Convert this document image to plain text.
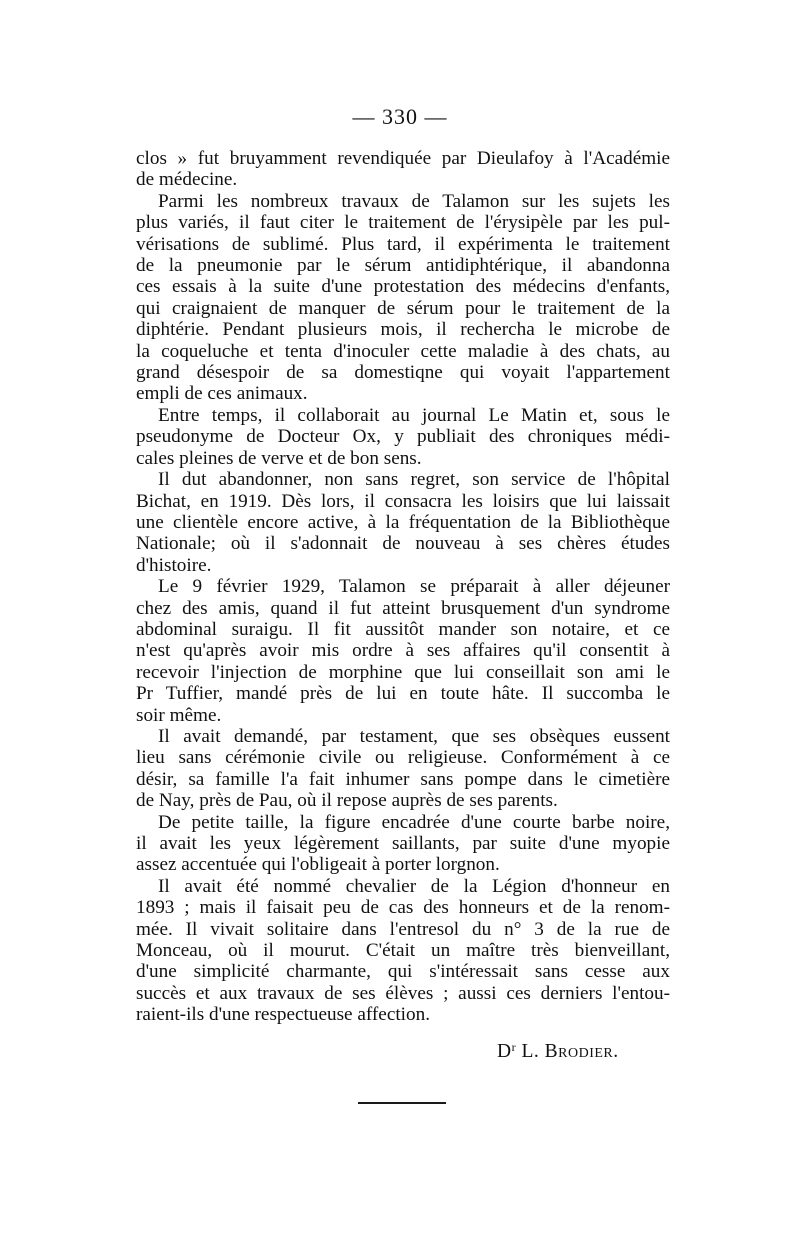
— 330 —
clos » fut bruyamment revendiquée par Dieulafoy à l'Académie
de médecine.
Parmi les nombreux travaux de Talamon sur les sujets les
plus variés, il faut citer le traitement de l'érysipèle par les pul-
vérisations de sublimé. Plus tard, il expérimenta le traitement
de la pneumonie par le sérum antidiphtérique, il abandonna
ces essais à la suite d'une protestation des médecins d'enfants,
qui craignaient de manquer de sérum pour le traitement de la
diphtérie. Pendant plusieurs mois, il rechercha le microbe de
la coqueluche et tenta d'inoculer cette maladie à des chats, au
grand désespoir de sa domestiqne qui voyait l'appartement
empli de ces animaux.
Entre temps, il collaborait au journal Le Matin et, sous le
pseudonyme de Docteur Ox, y publiait des chroniques médi-
cales pleines de verve et de bon sens.
Il dut abandonner, non sans regret, son service de l'hôpital
Bichat, en 1919. Dès lors, il consacra les loisirs que lui laissait
une clientèle encore active, à la fréquentation de la Bibliothèque
Nationale; où il s'adonnait de nouveau à ses chères études
d'histoire.
Le 9 février 1929, Talamon se préparait à aller déjeuner
chez des amis, quand il fut atteint brusquement d'un syndrome
abdominal suraigu. Il fit aussitôt mander son notaire, et ce
n'est qu'après avoir mis ordre à ses affaires qu'il consentit à
recevoir l'injection de morphine que lui conseillait son ami le
Pr Tuffier, mandé près de lui en toute hâte. Il succomba le
soir même.
Il avait demandé, par testament, que ses obsèques eussent
lieu sans cérémonie civile ou religieuse. Conformément à ce
désir, sa famille l'a fait inhumer sans pompe dans le cimetière
de Nay, près de Pau, où il repose auprès de ses parents.
De petite taille, la figure encadrée d'une courte barbe noire,
il avait les yeux légèrement saillants, par suite d'une myopie
assez accentuée qui l'obligeait à porter lorgnon.
Il avait été nommé chevalier de la Légion d'honneur en
1893 ; mais il faisait peu de cas des honneurs et de la renom-
mée. Il vivait solitaire dans l'entresol du n° 3 de la rue de
Monceau, où il mourut. C'était un maître très bienveillant,
d'une simplicité charmante, qui s'intéressait sans cesse aux
succès et aux travaux de ses élèves ; aussi ces derniers l'entou-
raient-ils d'une respectueuse affection.
$D^r$ L. Brodier.
